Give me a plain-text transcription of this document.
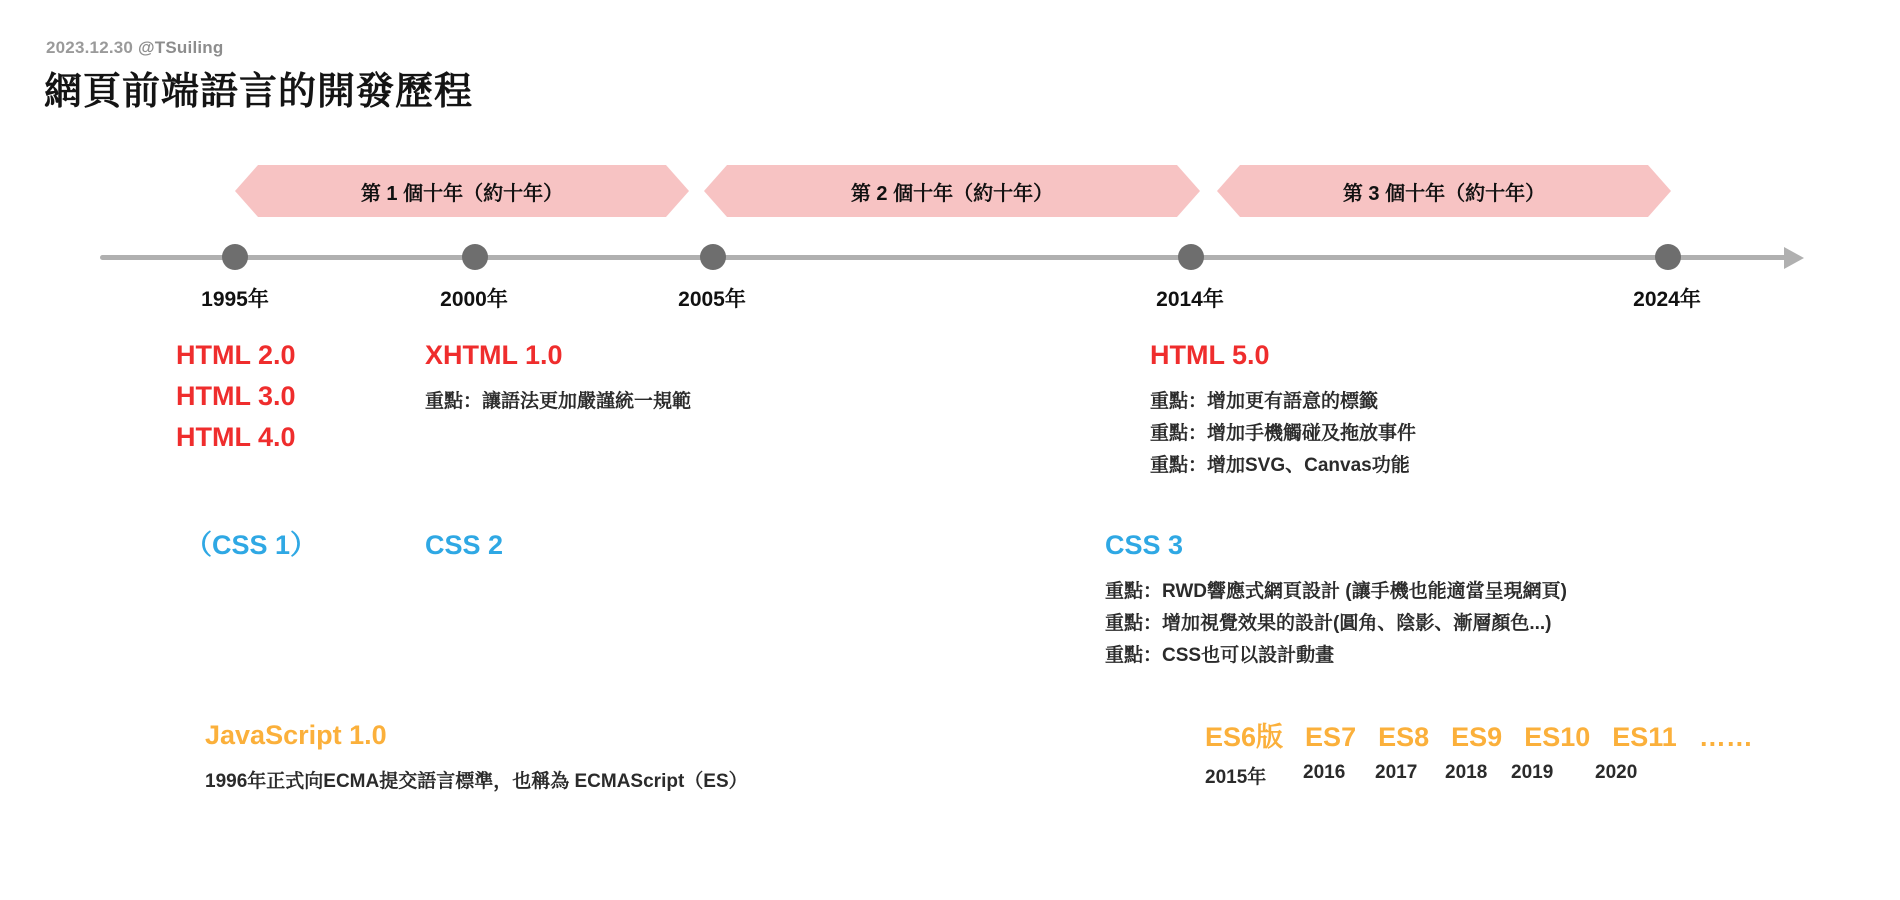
2023.12.30 @TSuiling
網頁前端語言的開發歷程
第 1 個十年（約十年）	第 2 個十年（約十年）	第 3 個十年（約十年）
1995年	2000年	2005年	2014年	2024年
HTML 2.0
HTML 3.0
HTML 4.0
XHTML 1.0
重點：讓語法更加嚴謹統一規範
HTML 5.0
重點：增加更有語意的標籤
重點：增加手機觸碰及拖放事件
重點：增加SVG、Canvas功能
（CSS 1）	CSS 2	CSS 3
重點：RWD響應式網頁設計 (讓手機也能適當呈現網頁)
重點：增加視覺效果的設計(圓角、陰影、漸層顏色...)
重點：CSS也可以設計動畫
JavaScript 1.0
1996年正式向ECMA提交語言標準，也稱為 ECMAScript（ES）
ES6版 ES7 ES8 ES9 ES10 ES11 ……
2015年	2016	2017	2018 2019	2020
